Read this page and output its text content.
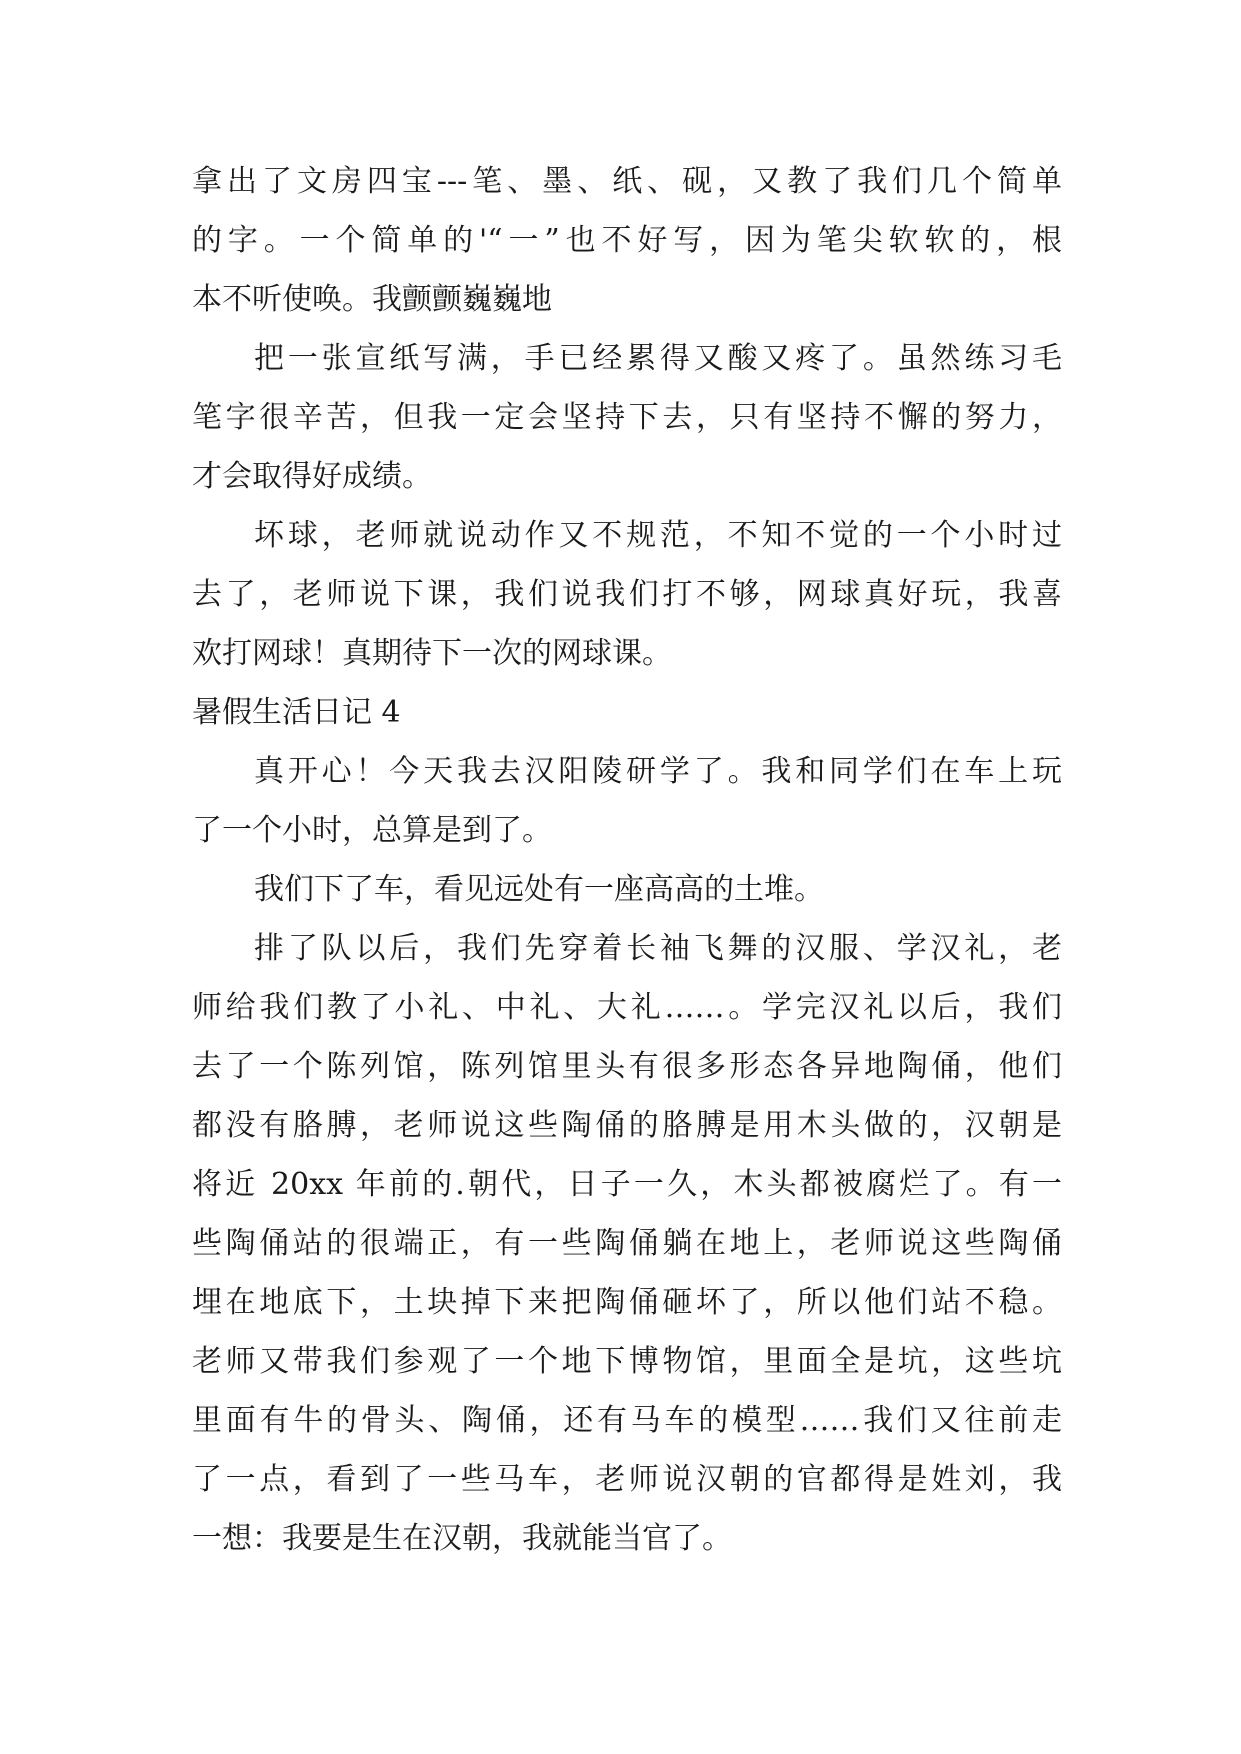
拿出了文房四宝---笔、墨、纸、砚，又教了我们几个简单
的字。一个简单的'“一”也不好写，因为笔尖软软的，根
本不听使唤。我颤颤巍巍地
把一张宣纸写满，手已经累得又酸又疼了。虽然练习毛
笔字很辛苦，但我一定会坚持下去，只有坚持不懈的努力，
才会取得好成绩。
坏球，老师就说动作又不规范，不知不觉的一个小时过
去了，老师说下课，我们说我们打不够，网球真好玩，我喜
欢打网球！真期待下一次的网球课。
暑假生活日记 4
真开心！今天我去汉阳陵研学了。我和同学们在车上玩
了一个小时，总算是到了。
我们下了车，看见远处有一座高高的土堆。
排了队以后，我们先穿着长袖飞舞的汉服、学汉礼，老
师给我们教了小礼、中礼、大礼……。学完汉礼以后，我们
去了一个陈列馆，陈列馆里头有很多形态各异地陶俑，他们
都没有胳膊，老师说这些陶俑的胳膊是用木头做的，汉朝是
将近 20xx 年前的.朝代，日子一久，木头都被腐烂了。有一
些陶俑站的很端正，有一些陶俑躺在地上，老师说这些陶俑
埋在地底下，土块掉下来把陶俑砸坏了，所以他们站不稳。
老师又带我们参观了一个地下博物馆，里面全是坑，这些坑
里面有牛的骨头、陶俑，还有马车的模型……我们又往前走
了一点，看到了一些马车，老师说汉朝的官都得是姓刘，我
一想：我要是生在汉朝，我就能当官了。
